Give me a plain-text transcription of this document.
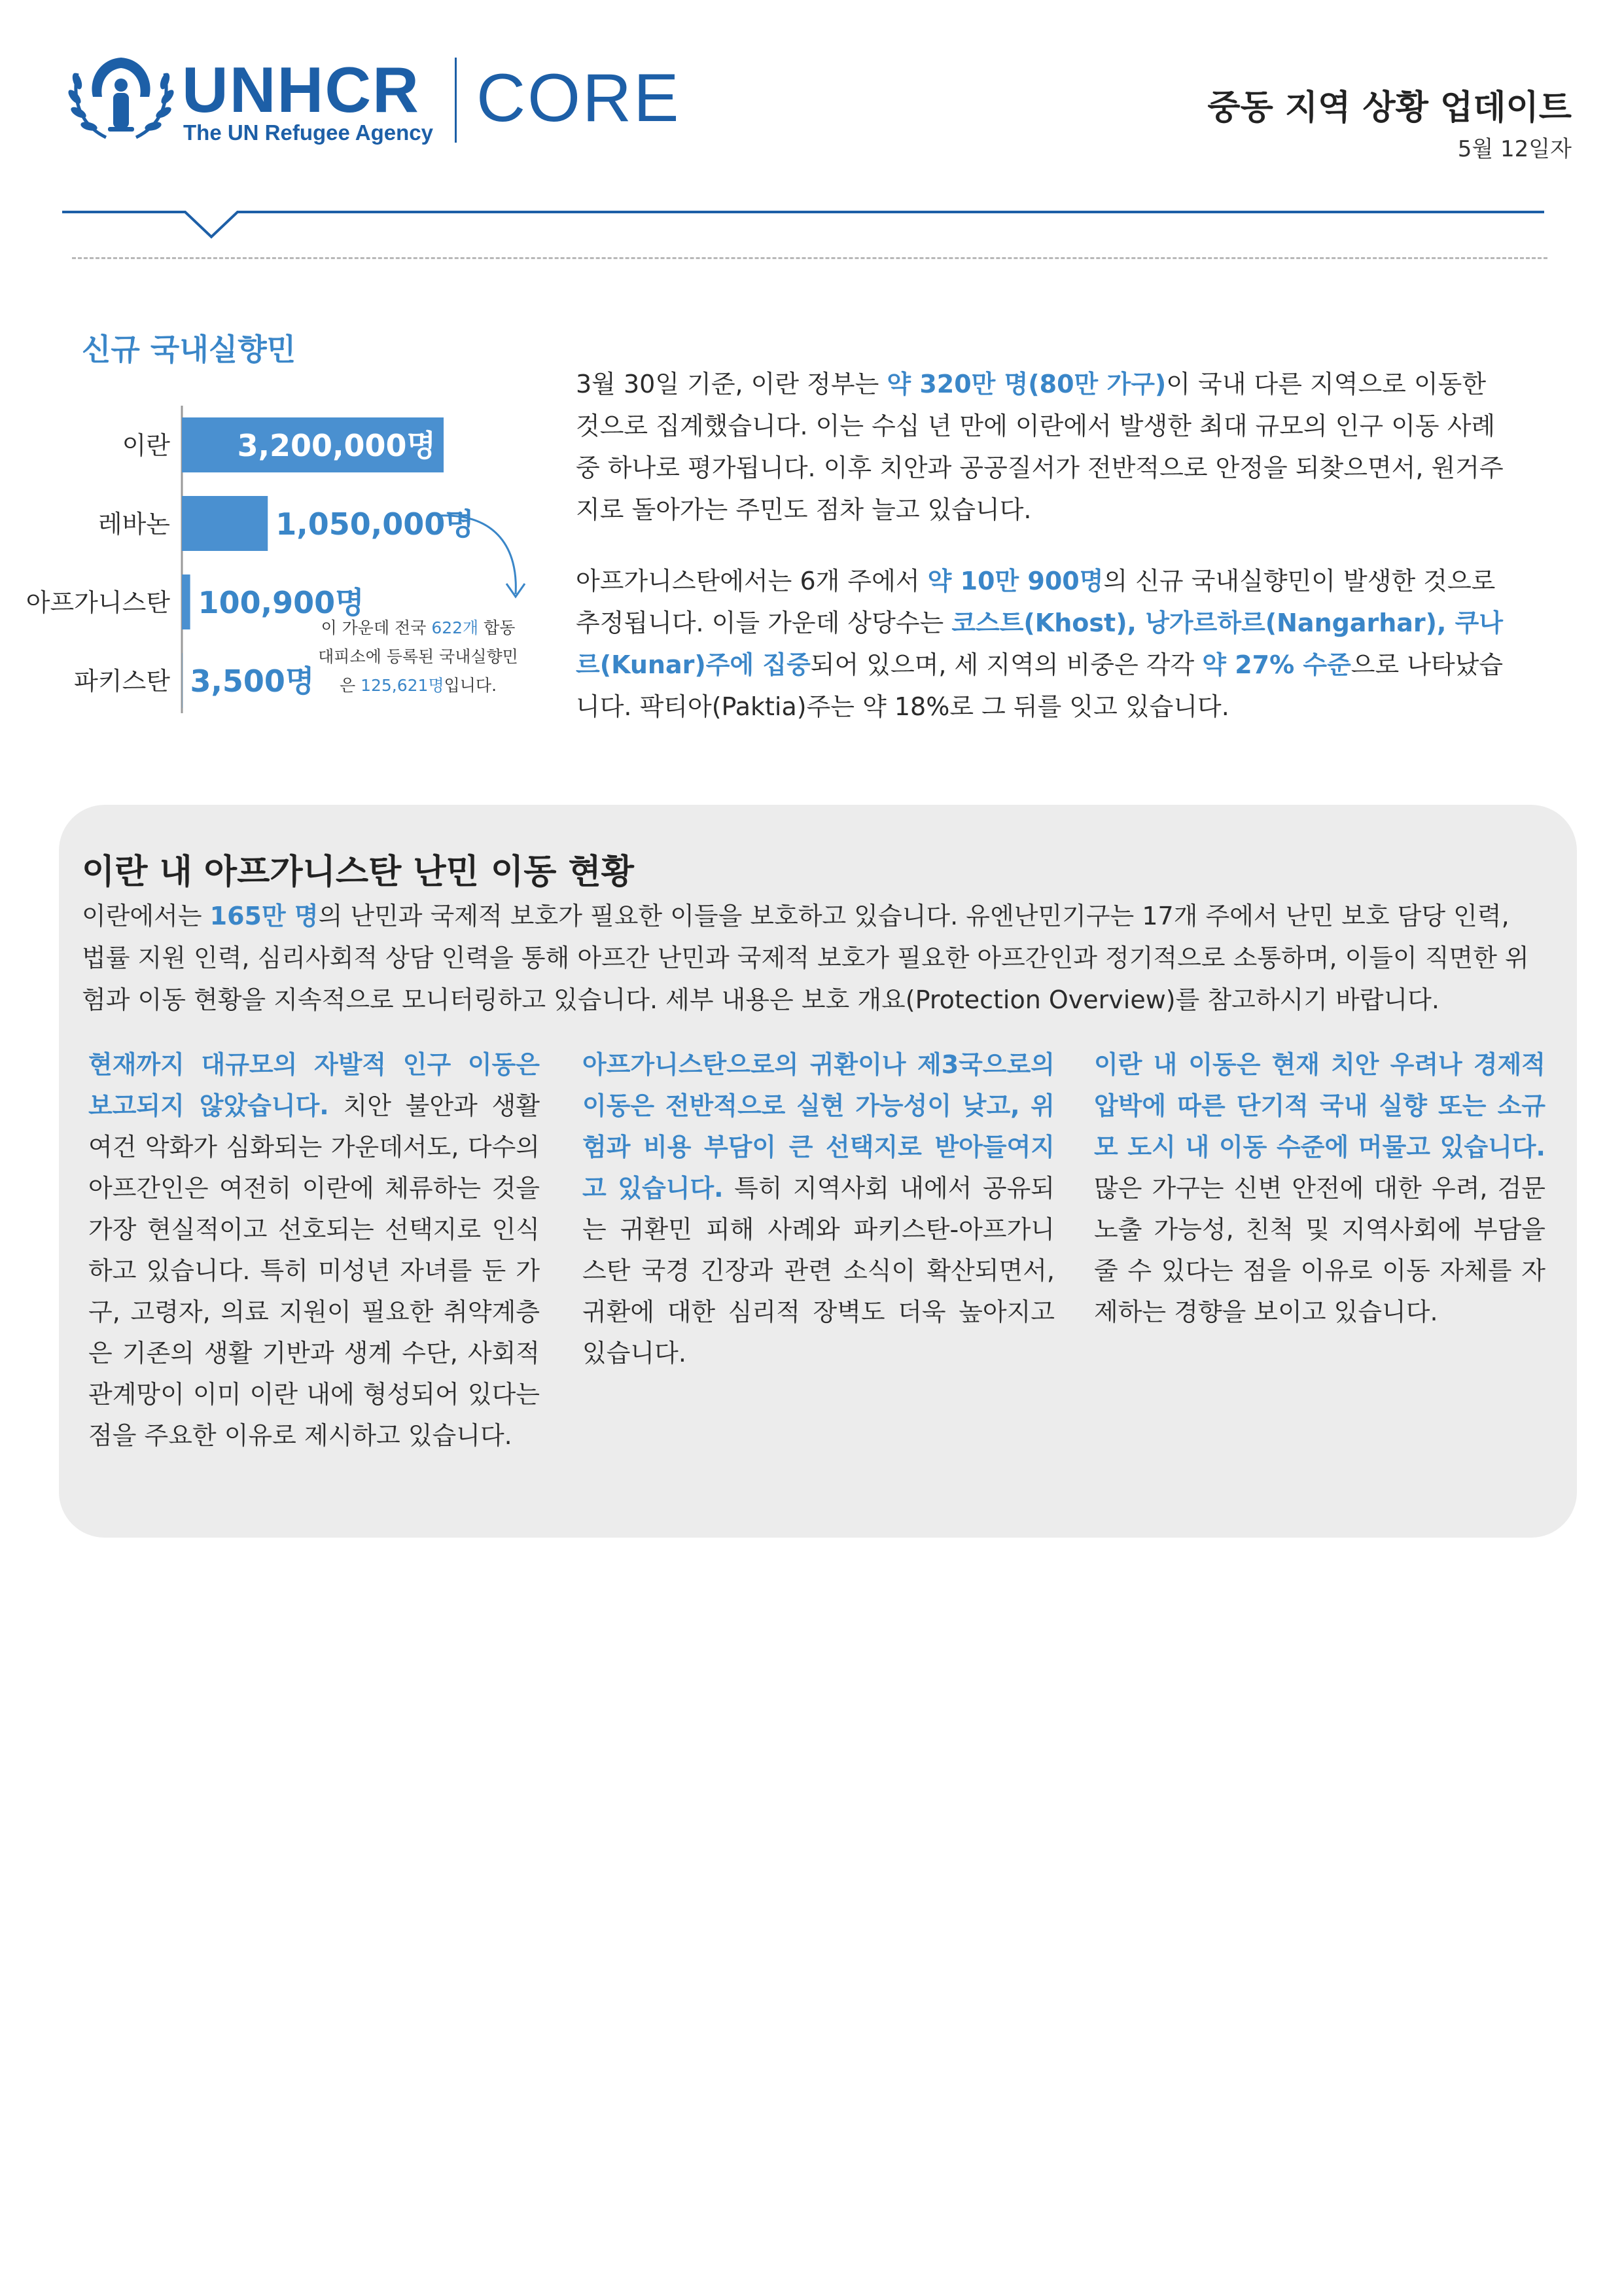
UNHCR
The UN Refugee Agency CORE	중동 지역 상황 업데이트
5월 12일자
신규 국내실향민
이란 3,200,000명
레바논	1,050,000명
아프가니스탄 100,900명
파키스탄 3,500명
이 가운데 전국 622개 합동 대피소에 등록된 국내실향민은 125,621명입니다.
3월 30일 기준, 이란 정부는 약 320만 명(80만 가구)이 국내 다른 지역으로 이동한 것으로 집계했습니다. 이는 수십 년 만에 이란에서 발생한 최대 규모의 인구 이동 사례 중 하나로 평가됩니다. 이후 치안과 공공질서가 전반적으로 안정을 되찾으면서, 원거주지로 돌아가는 주민도 점차 늘고 있습니다.
아프가니스탄에서는 6개 주에서 약 10만 900명의 신규 국내실향민이 발생한 것으로 추정됩니다. 이들 가운데 상당수는 코스트(Khost), 낭가르하르(Nangarhar), 쿠나르(Kunar)주에 집중되어 있으며, 세 지역의 비중은 각각 약 27% 수준으로 나타났습니다. 팍티아(Paktia)주는 약 18%로 그 뒤를 잇고 있습니다.
이란 내 아프가니스탄 난민 이동 현황
이란에서는 165만 명의 난민과 국제적 보호가 필요한 이들을 보호하고 있습니다. 유엔난민기구는 17개 주에서 난민 보호 담당 인력, 법률 지원 인력, 심리사회적 상담 인력을 통해 아프간 난민과 국제적 보호가 필요한 아프간인과 정기적으로 소통하며, 이들이 직면한 위험과 이동 현황을 지속적으로 모니터링하고 있습니다. 세부 내용은 보호 개요(Protection Overview)를 참고하시기 바랍니다.
현재까지 대규모의 자발적 인구 이동은 보고되지 않았습니다. 치안 불안과 생활 여건 악화가 심화되는 가운데서도, 다수의 아프간인은 여전히 이란에 체류하는 것을 가장 현실적이고 선호되는 선택지로 인식하고 있습니다. 특히 미성년 자녀를 둔 가구, 고령자, 의료 지원이 필요한 취약계층은 기존의 생활 기반과 생계 수단, 사회적 관계망이 이미 이란 내에 형성되어 있다는 점을 주요한 이유로 제시하고 있습니다.
아프가니스탄으로의 귀환이나 제3국으로의 이동은 전반적으로 실현 가능성이 낮고, 위험과 비용 부담이 큰 선택지로 받아들여지고 있습니다. 특히 지역사회 내에서 공유되는 귀환민 피해 사례와 파키스탄-아프가니스탄 국경 긴장과 관련 소식이 확산되면서, 귀환에 대한 심리적 장벽도 더욱 높아지고 있습니다.
이란 내 이동은 현재 치안 우려나 경제적 압박에 따른 단기적 국내 실향 또는 소규모 도시 내 이동 수준에 머물고 있습니다. 많은 가구는 신변 안전에 대한 우려, 검문 노출 가능성, 친척 및 지역사회에 부담을 줄 수 있다는 점을 이유로 이동 자체를 자제하는 경향을 보이고 있습니다.
